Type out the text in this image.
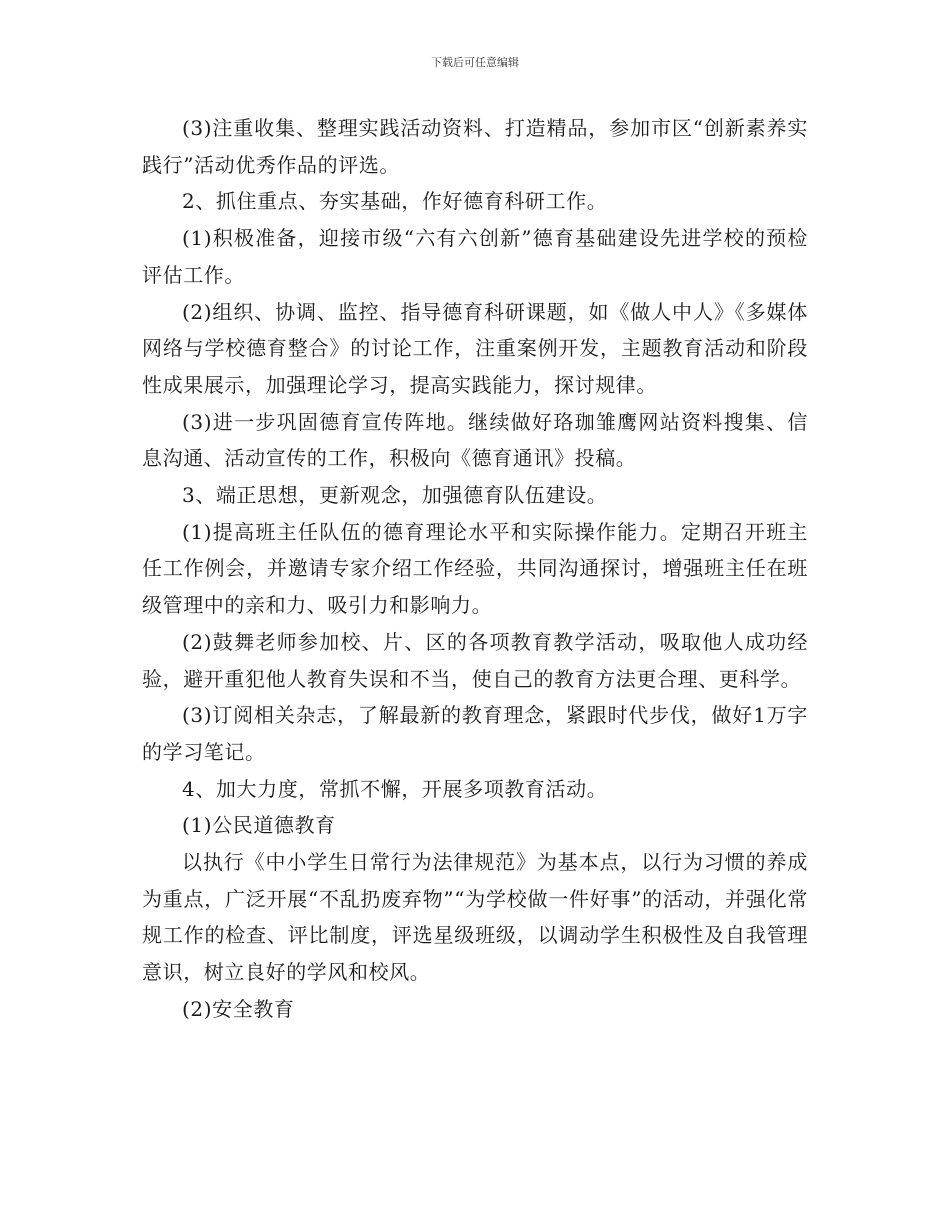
下载后可任意编辑

(3)注重收集、整理实践活动资料、打造精品，参加市区“创新素养实践行”活动优秀作品的评选。

2、抓住重点、夯实基础，作好德育科研工作。

(1)积极准备，迎接市级“六有六创新”德育基础建设先进学校的预检评估工作。

(2)组织、协调、监控、指导德育科研课题，如《做人中人》《多媒体网络与学校德育整合》的讨论工作，注重案例开发，主题教育活动和阶段性成果展示，加强理论学习，提高实践能力，探讨规律。

(3)进一步巩固德育宣传阵地。继续做好珞珈雏鹰网站资料搜集、信息沟通、活动宣传的工作，积极向《德育通讯》投稿。

3、端正思想，更新观念，加强德育队伍建设。

(1)提高班主任队伍的德育理论水平和实际操作能力。定期召开班主任工作例会，并邀请专家介绍工作经验，共同沟通探讨，增强班主任在班级管理中的亲和力、吸引力和影响力。

(2)鼓舞老师参加校、片、区的各项教育教学活动，吸取他人成功经验，避开重犯他人教育失误和不当，使自己的教育方法更合理、更科学。

(3)订阅相关杂志，了解最新的教育理念，紧跟时代步伐，做好1万字的学习笔记。

4、加大力度，常抓不懈，开展多项教育活动。

(1)公民道德教育

以执行《中小学生日常行为法律规范》为基本点，以行为习惯的养成为重点，广泛开展“不乱扔废弃物”“为学校做一件好事”的活动，并强化常规工作的检查、评比制度，评选星级班级，以调动学生积极性及自我管理意识，树立良好的学风和校风。

(2)安全教育
